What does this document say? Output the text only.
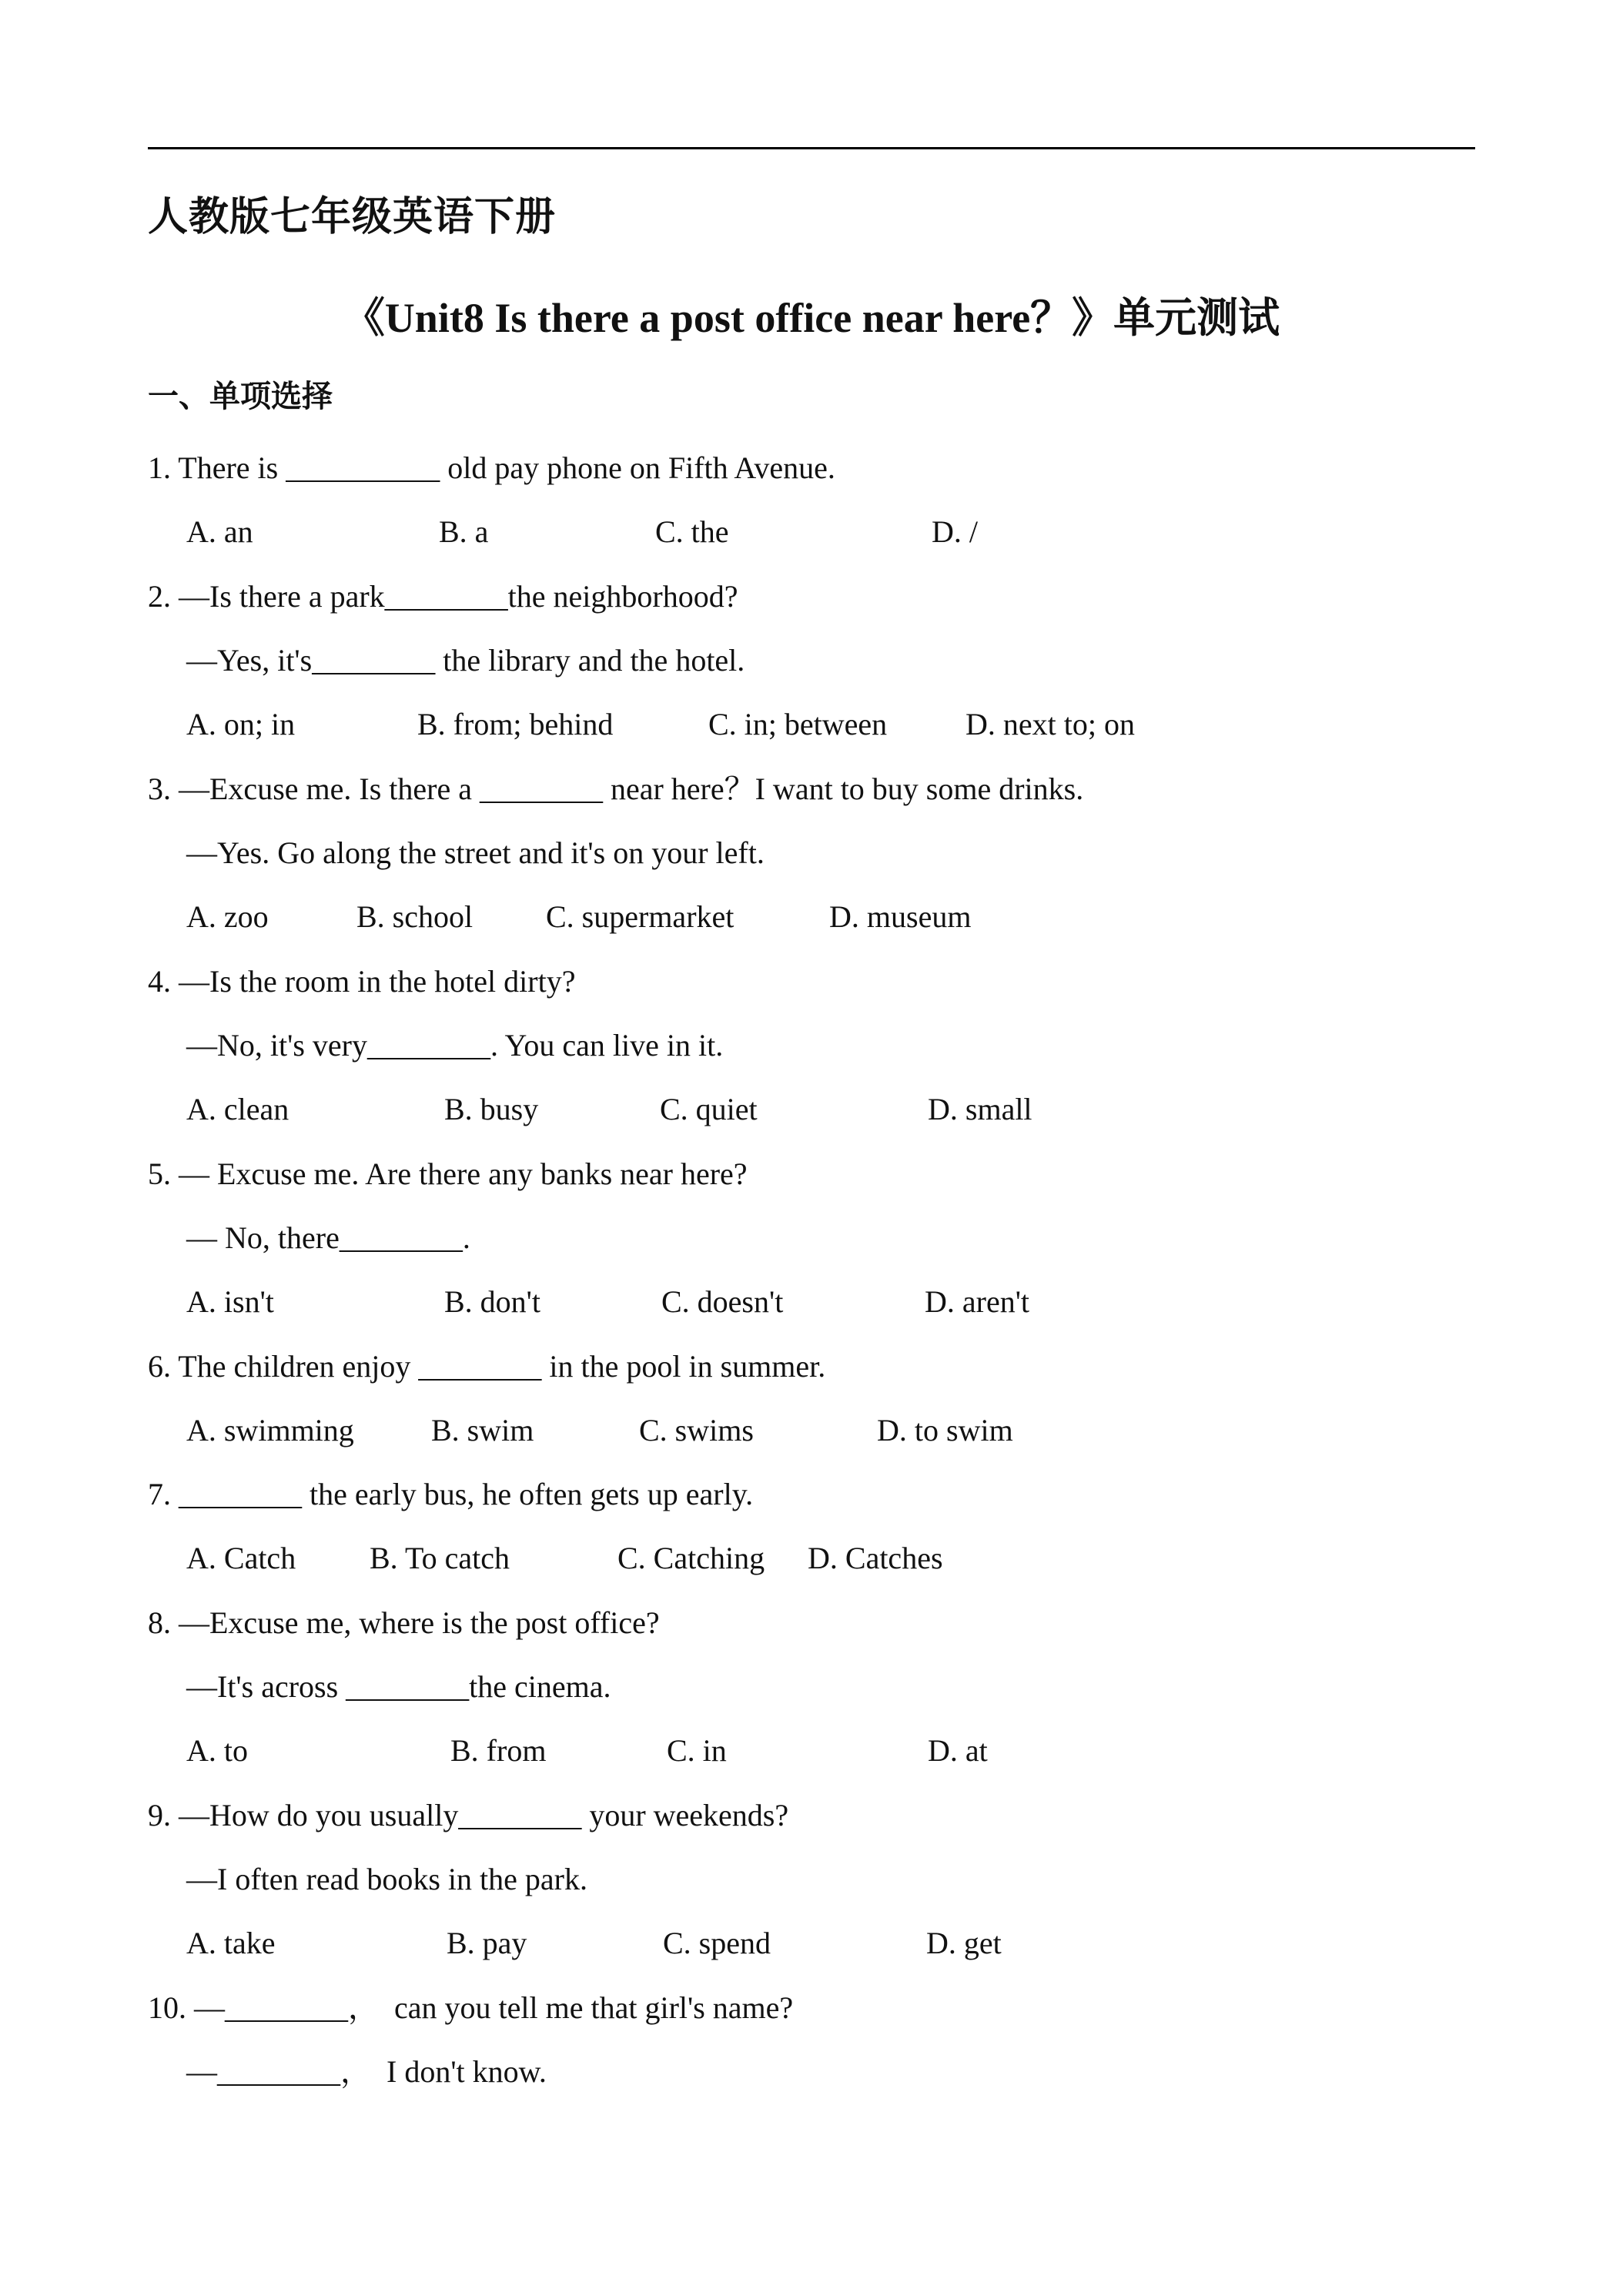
人教版七年级英语下册
《Unit8 Is there a post office near here？》单元测试
一、单项选择
1. There is __________ old pay phone on Fifth Avenue.
A. an	B. a	C. the	D. /
2. —Is there a park________the neighborhood?
—Yes, it's________ the library and the hotel.
A. on; in	B. from; behind	C. in; between	D. next to; on
3. —Excuse me. Is there a ________ near here？I want to buy some drinks.
—Yes. Go along the street and it's on your left.
A. zoo	B. school C. supermarket	D. museum
4. —Is the room in the hotel dirty?
—No, it's very________. You can live in it.
A. clean	B. busy	C. quiet	D. small
5. — Excuse me. Are there any banks near here?
— No, there________.
A. isn't	B. don't	C. doesn't	D. aren't
6. The children enjoy ________ in the pool in summer.
A. swimming	B. swim	C. swims	D. to swim
7. ________ the early bus, he often gets up early.
A. Catch B. To catch	C. Catching D. Catches
8. —Excuse me, where is the post office?
—It's across ________the cinema.
A. to	B. from	C. in	D. at
9. —How do you usually________ your weekends?
—I often read books in the park.
A. take	B. pay	C. spend	D. get
10. —________，  can you tell me that girl's name?
—________，  I don't know.
